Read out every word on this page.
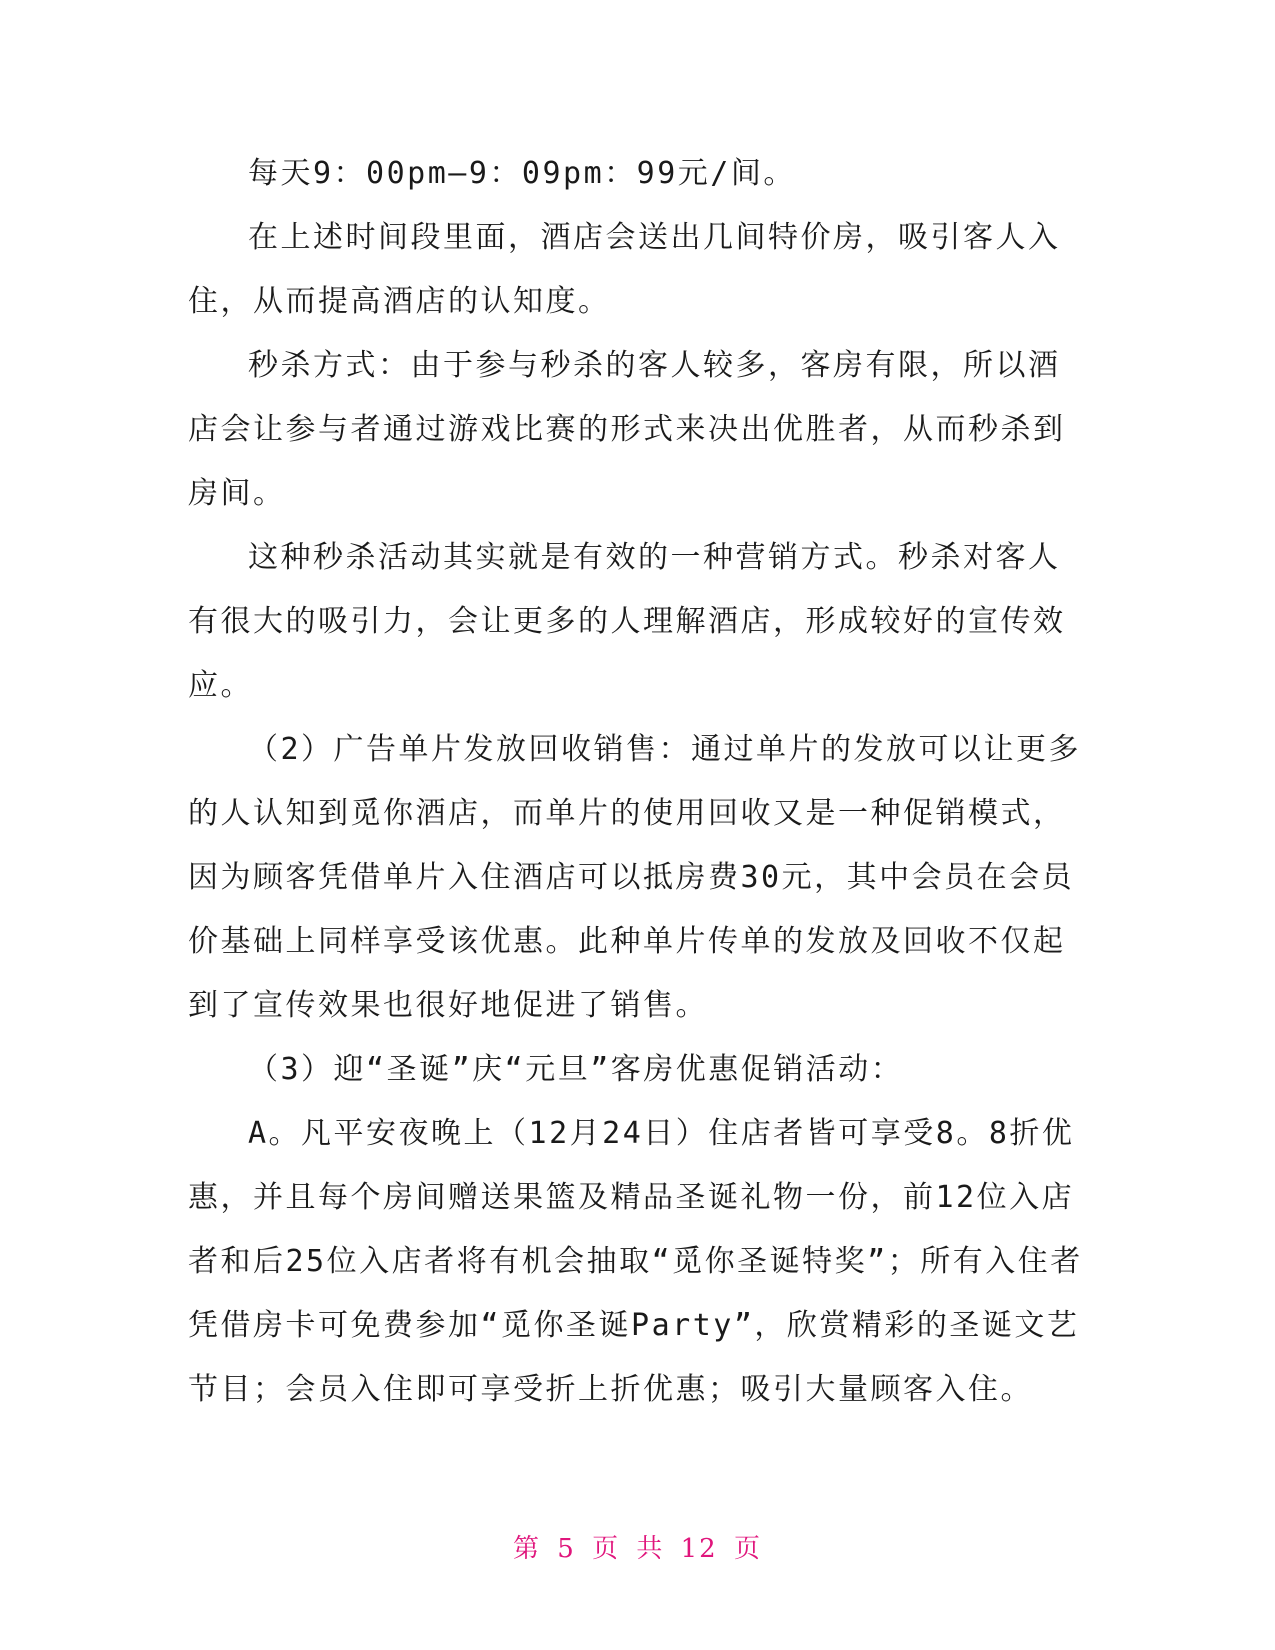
每天9：00pm—9：09pm：99元/间。

在上述时间段里面，酒店会送出几间特价房，吸引客人入住，从而提高酒店的认知度。

秒杀方式：由于参与秒杀的客人较多，客房有限，所以酒店会让参与者通过游戏比赛的形式来决出优胜者，从而秒杀到房间。

这种秒杀活动其实就是有效的一种营销方式。秒杀对客人有很大的吸引力，会让更多的人理解酒店，形成较好的宣传效应。

（2）广告单片发放回收销售：通过单片的发放可以让更多的人认知到觅你酒店，而单片的使用回收又是一种促销模式，因为顾客凭借单片入住酒店可以抵房费30元，其中会员在会员价基础上同样享受该优惠。此种单片传单的发放及回收不仅起到了宣传效果也很好地促进了销售。

（3）迎“圣诞”庆“元旦”客房优惠促销活动：

A。凡平安夜晚上（12月24日）住店者皆可享受8。8折优惠，并且每个房间赠送果篮及精品圣诞礼物一份，前12位入店者和后25位入店者将有机会抽取“觅你圣诞特奖”；所有入住者凭借房卡可免费参加“觅你圣诞Party”，欣赏精彩的圣诞文艺节目；会员入住即可享受折上折优惠；吸引大量顾客入住。

第 5 页 共 12 页
